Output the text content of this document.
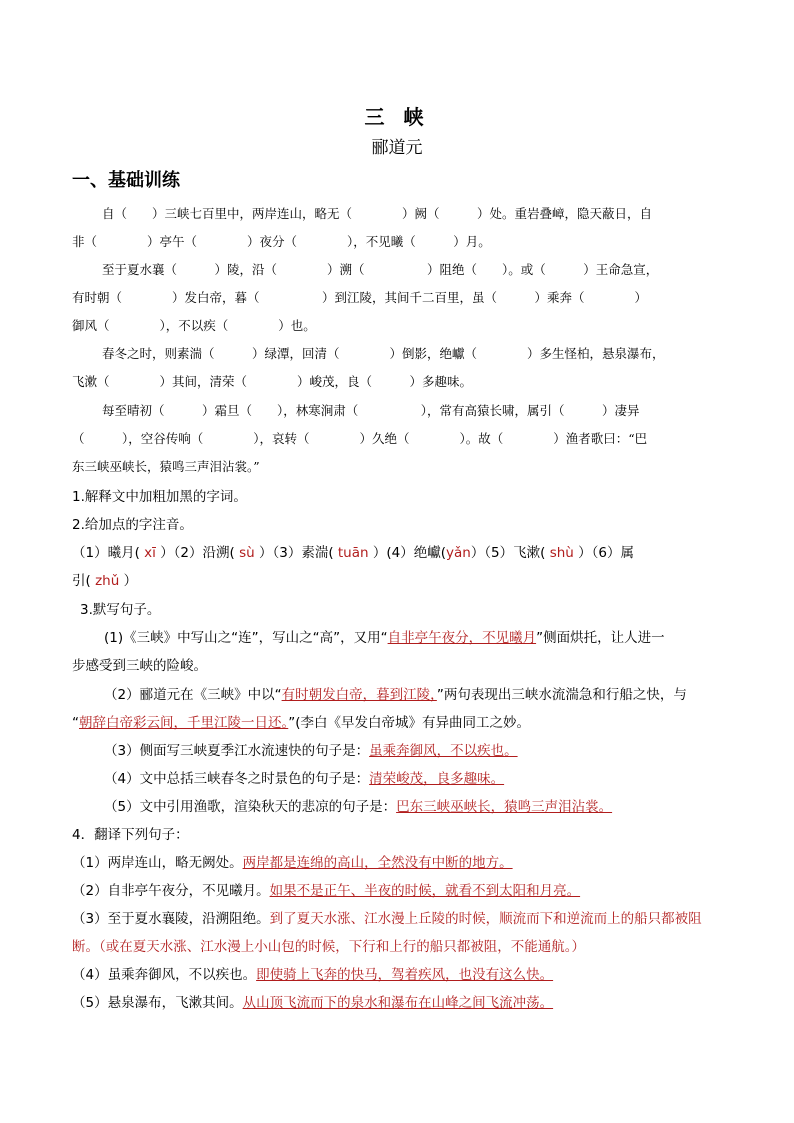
三 峡
郦道元
一、基础训练
自（　　）三峡七百里中，两岸连山，略无（　　　　）阙（　　　）处。重岩叠嶂，隐天蔽日，自
非（　　　　）亭午（　　　　）夜分（　　　　），不见曦（　　　）月。
至于夏水襄（　　　）陵，沿（　　　　）溯（　　　　　）阻绝（　　）。或（　　　）王命急宣，
有时朝（　　　　）发白帝，暮（　　　　　）到江陵，其间千二百里，虽（　　　）乘奔（　　　　）
御风（　　　　），不以疾（　　　　）也。
春冬之时，则素湍（　　　）绿潭，回清（　　　　）倒影，绝巘（　　　　）多生怪柏，悬泉瀑布，
飞漱（　　　　）其间，清荣（　　　　）峻茂，良（　　　）多趣味。
每至晴初（　　　）霜旦（　　），林寒涧肃（　　　　　），常有高猿长啸，属引（　　　）凄异
（　　　），空谷传响（　　　　），哀转（　　　　）久绝（　　　　）。故（　　　　）渔者歌曰：“巴
东三峡巫峡长，猿鸣三声泪沾裳。”
1.解释文中加粗加黑的字词。
2.给加点的字注音。
（1）曦月( xī ）（2）沿溯( sù ）（3）素湍( tuān ）(4）绝巘(yǎn）（5）飞漱( shù ）（6）属
引( zhǔ ）
3.默写句子。
(1)《三峡》中写山之“连”，写山之“高”，又用“自非亭午夜分，不见曦月”侧面烘托，让人进一
步感受到三峡的险峻。
（2）郦道元在《三峡》中以“有时朝发白帝，暮到江陵，”两句表现出三峡水流湍急和行船之快，与
“朝辞白帝彩云间，千里江陵一日还。”(李白《早发白帝城》有异曲同工之妙。
（3）侧面写三峡夏季江水流速快的句子是：虽乘奔御风，不以疾也。
（4）文中总括三峡春冬之时景色的句子是：清荣峻茂，良多趣味。
（5）文中引用渔歌，渲染秋天的悲凉的句子是：巴东三峡巫峡长，猿鸣三声泪沾裳。
4．翻译下列句子：
（1）两岸连山，略无阙处。两岸都是连绵的高山，全然没有中断的地方。
（2）自非亭午夜分，不见曦月。如果不是正午、半夜的时候，就看不到太阳和月亮。
（3）至于夏水襄陵，沿溯阻绝。到了夏天水涨、江水漫上丘陵的时候，顺流而下和逆流而上的船只都被阻
断。（或在夏天水涨、江水漫上小山包的时候，下行和上行的船只都被阻，不能通航。）
（4）虽乘奔御风，不以疾也。即使骑上飞奔的快马，驾着疾风，也没有这么快。
（5）悬泉瀑布，飞漱其间。从山顶飞流而下的泉水和瀑布在山峰之间飞流冲荡。
